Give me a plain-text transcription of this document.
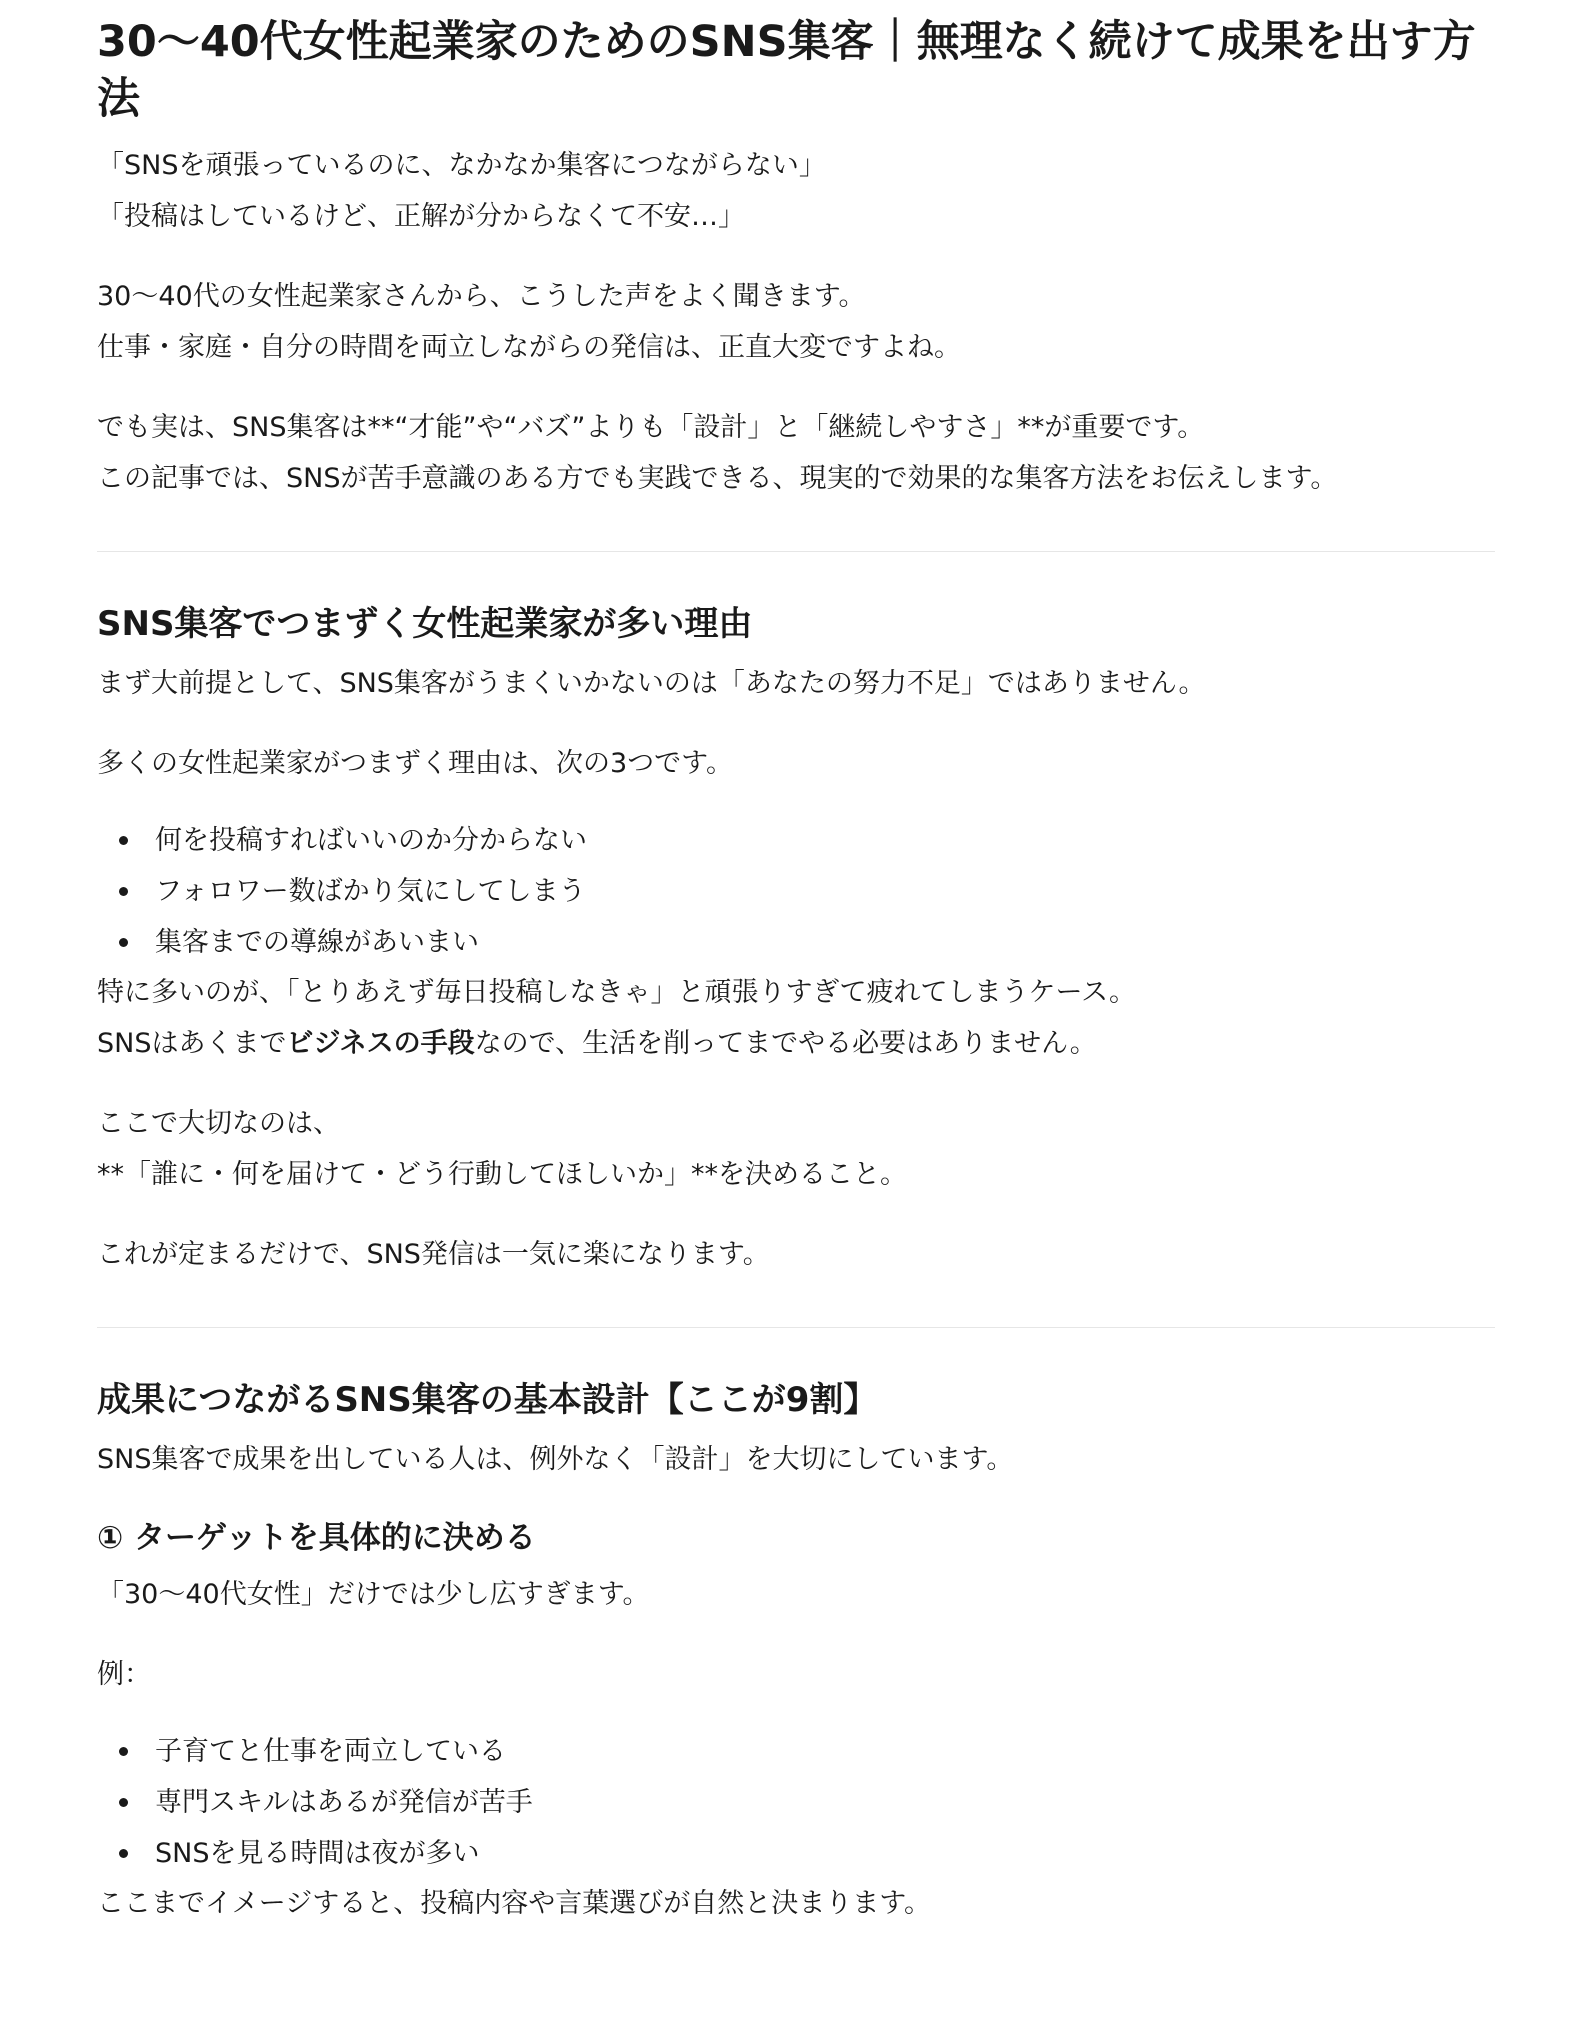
30〜40代女性起業家のためのSNS集客｜無理なく続けて成果を出す方法

「SNSを頑張っているのに、なかなか集客につながらない」
「投稿はしているけど、正解が分からなくて不安…」

30〜40代の女性起業家さんから、こうした声をよく聞きます。
仕事・家庭・自分の時間を両立しながらの発信は、正直大変ですよね。

でも実は、SNS集客は**“才能”や“バズ”よりも「設計」と「継続しやすさ」**が重要です。
この記事では、SNSが苦手意識のある方でも実践できる、現実的で効果的な集客方法をお伝えします。

SNS集客でつまずく女性起業家が多い理由

まず大前提として、SNS集客がうまくいかないのは「あなたの努力不足」ではありません。

多くの女性起業家がつまずく理由は、次の3つです。

何を投稿すればいいのか分からない
フォロワー数ばかり気にしてしまう
集客までの導線があいまい

特に多いのが、「とりあえず毎日投稿しなきゃ」と頑張りすぎて疲れてしまうケース。
SNSはあくまでビジネスの手段なので、生活を削ってまでやる必要はありません。

ここで大切なのは、
**「誰に・何を届けて・どう行動してほしいか」**を決めること。

これが定まるだけで、SNS発信は一気に楽になります。

成果につながるSNS集客の基本設計【ここが9割】

SNS集客で成果を出している人は、例外なく「設計」を大切にしています。

① ターゲットを具体的に決める

「30〜40代女性」だけでは少し広すぎます。

例：

子育てと仕事を両立している
専門スキルはあるが発信が苦手
SNSを見る時間は夜が多い

ここまでイメージすると、投稿内容や言葉選びが自然と決まります。
